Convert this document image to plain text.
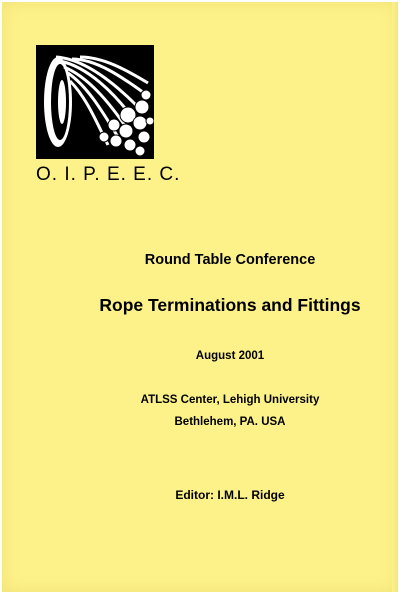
O. I. P. E. E. C.
Round Table Conference
Rope Terminations and Fittings
August 2001
ATLSS Center, Lehigh University
Bethlehem, PA. USA
Editor: I.M.L. Ridge
